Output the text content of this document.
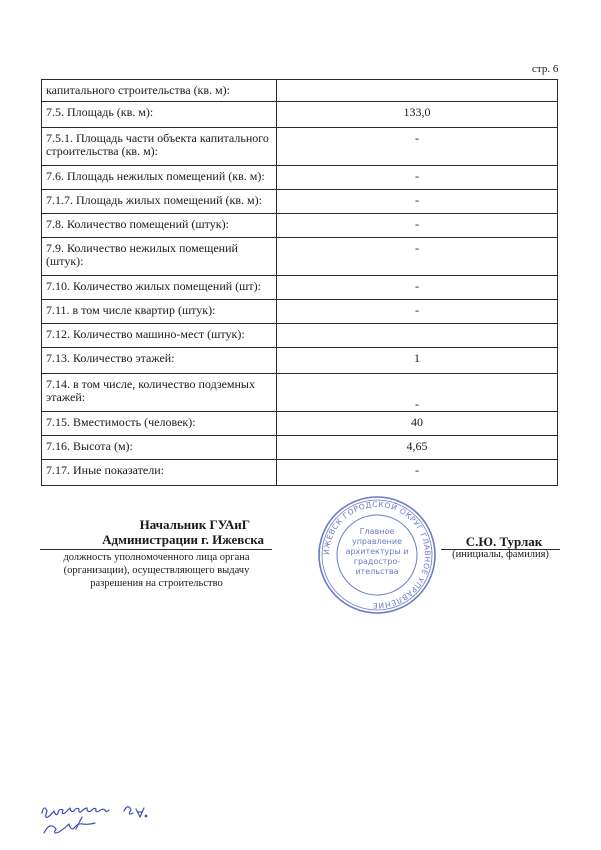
стр. 6
капитального строительства (кв. м):	
7.5. Площадь (кв. м):	133,0
7.5.1. Площадь части объекта капитального строительства (кв. м):	-
7.6. Площадь нежилых помещений (кв. м):	-
7.1.7. Площадь жилых помещений (кв. м):	-
7.8. Количество помещений (штук):	-
7.9. Количество нежилых помещений (штук):	-
7.10. Количество жилых помещений (шт):	-
7.11. в том числе квартир (штук):	-
7.12. Количество машино-мест (штук):	
7.13. Количество этажей:	1
7.14. в том числе, количество подземных этажей:	-
7.15. Вместимость (человек):	40
7.16. Высота (м):	4,65
7.17. Иные показатели:	-
Начальник ГУАиГ
Администрации г. Ижевска
должность уполномоченного лица органа (организации), осуществляющего выдачу разрешения на строительство
ИЖЕВСК ГОРОДСКОЙ ОКРУГ ГЛАВНОЕ УПРАВЛЕНИЕ
Главное
управление
архитектуры и
градостро-
ительства
С.Ю. Турлак
(инициалы, фамилия)
Чабалина Е.А.
